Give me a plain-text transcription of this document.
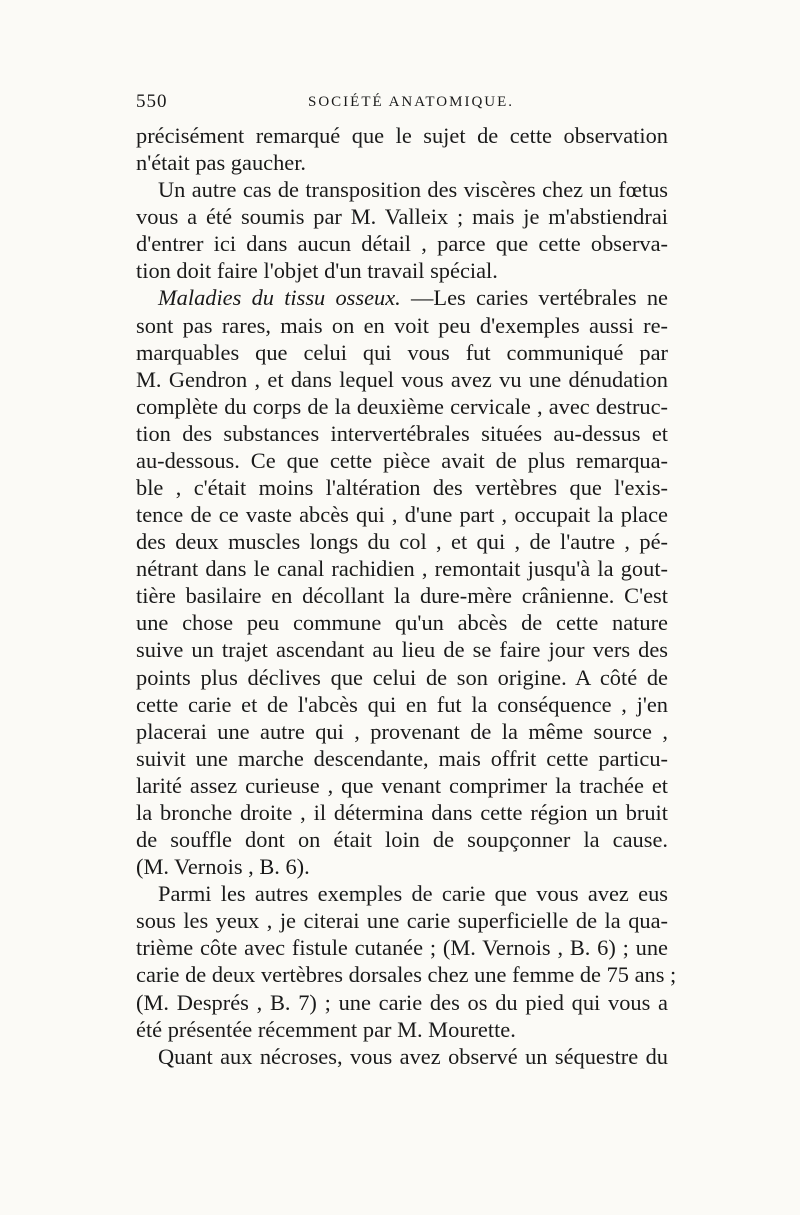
550	SOCIÉTÉ ANATOMIQUE.
précisément remarqué que le sujet de cette observation
n'était pas gaucher.
Un autre cas de transposition des viscères chez un fœtus
vous a été soumis par M. Valleix ; mais je m'abstiendrai
d'entrer ici dans aucun détail , parce que cette observa-
tion doit faire l'objet d'un travail spécial.
Maladies du tissu osseux. —Les caries vertébrales ne
sont pas rares, mais on en voit peu d'exemples aussi re-
marquables que celui qui vous fut communiqué par
M. Gendron , et dans lequel vous avez vu une dénudation
complète du corps de la deuxième cervicale , avec destruc-
tion des substances intervertébrales situées au-dessus et
au-dessous. Ce que cette pièce avait de plus remarqua-
ble , c'était moins l'altération des vertèbres que l'exis-
tence de ce vaste abcès qui , d'une part , occupait la place
des deux muscles longs du col , et qui , de l'autre , pé-
nétrant dans le canal rachidien , remontait jusqu'à la gout-
tière basilaire en décollant la dure-mère crânienne. C'est
une chose peu commune qu'un abcès de cette nature
suive un trajet ascendant au lieu de se faire jour vers des
points plus déclives que celui de son origine. A côté de
cette carie et de l'abcès qui en fut la conséquence , j'en
placerai une autre qui , provenant de la même source ,
suivit une marche descendante, mais offrit cette particu-
larité assez curieuse , que venant comprimer la trachée et
la bronche droite , il détermina dans cette région un bruit
de souffle dont on était loin de soupçonner la cause.
(M. Vernois , B. 6).
Parmi les autres exemples de carie que vous avez eus
sous les yeux , je citerai une carie superficielle de la qua-
trième côte avec fistule cutanée ; (M. Vernois , B. 6) ; une
carie de deux vertèbres dorsales chez une femme de 75 ans ;
(M. Després , B. 7) ; une carie des os du pied qui vous a
été présentée récemment par M. Mourette.
Quant aux nécroses, vous avez observé un séquestre du
